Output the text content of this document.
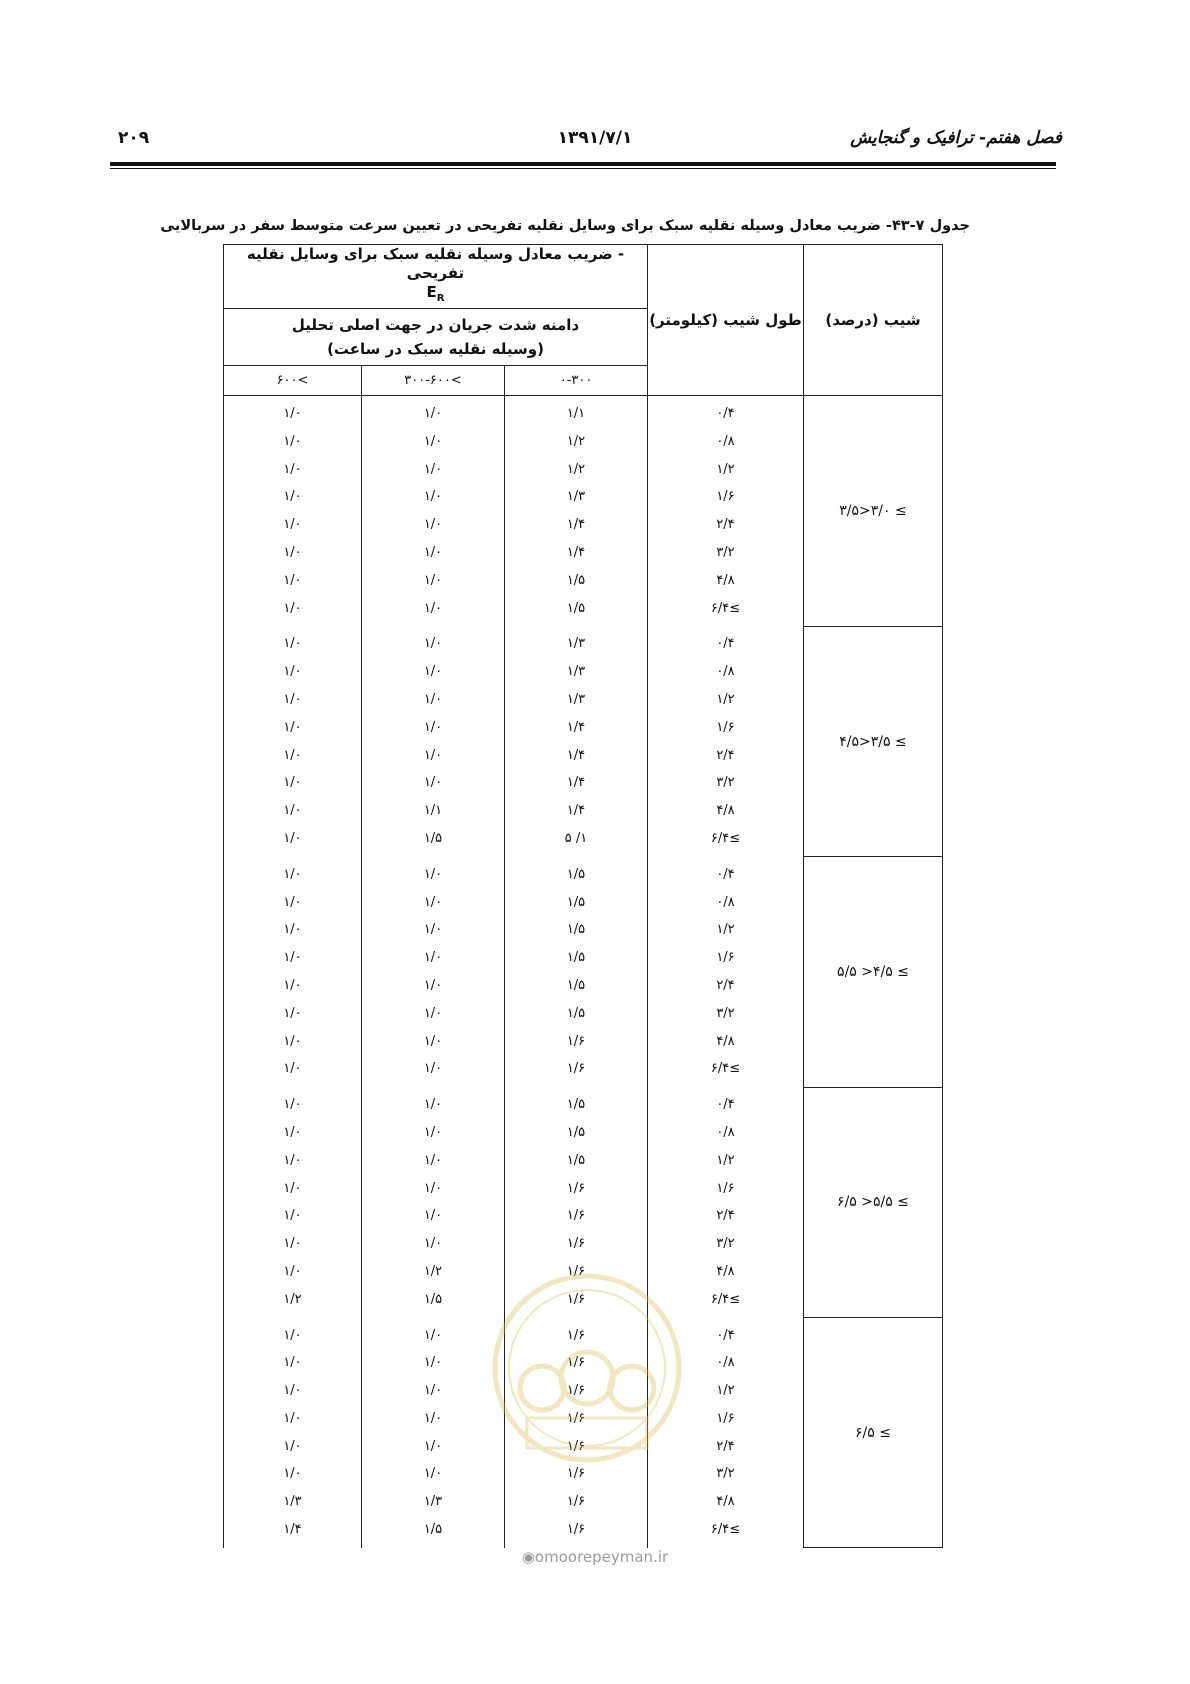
فصل هفتم- ترافیک و گنجایش
۱۳۹۱/۷/۱
۲۰۹
جدول ۷-۴۳- ضریب معادل وسیله نقلیه سبک برای وسایل نقلیه تفریحی در تعیین سرعت متوسط سفر در سربالایی
شیب (درصد)	طول شیب (کیلومتر)	- ضریب معادل وسیله نقلیه سبک برای وسایل نقلیه تفریحی
$E_R$

		دامنه شدت جریان در جهت اصلی تحلیل
(وسیله نقلیه سبک در ساعت)		

		۰-۳۰۰	>۳۰۰-۶۰۰	>۶۰۰
≥ ۳/۰<۳/۵	۰/۴	۱/۱	۱/۰	۱/۰
	۰/۸	۱/۲	۱/۰	۱/۰
	۱/۲	۱/۲	۱/۰	۱/۰
	۱/۶	۱/۳	۱/۰	۱/۰
	۲/۴	۱/۴	۱/۰	۱/۰
	۳/۲	۱/۴	۱/۰	۱/۰
	۴/۸	۱/۵	۱/۰	۱/۰
	≥۶/۴	۱/۵	۱/۰	۱/۰
≥ ۳/۵<۴/۵	۰/۴	۱/۳	۱/۰	۱/۰
	۰/۸	۱/۳	۱/۰	۱/۰
	۱/۲	۱/۳	۱/۰	۱/۰
	۱/۶	۱/۴	۱/۰	۱/۰
	۲/۴	۱/۴	۱/۰	۱/۰
	۳/۲	۱/۴	۱/۰	۱/۰
	۴/۸	۱/۴	۱/۱	۱/۰
	≥۶/۴	۱/ ۵	۱/۵	۱/۰
≥ ۴/۵< ۵/۵	۰/۴	۱/۵	۱/۰	۱/۰
	۰/۸	۱/۵	۱/۰	۱/۰
	۱/۲	۱/۵	۱/۰	۱/۰
	۱/۶	۱/۵	۱/۰	۱/۰
	۲/۴	۱/۵	۱/۰	۱/۰
	۳/۲	۱/۵	۱/۰	۱/۰
	۴/۸	۱/۶	۱/۰	۱/۰
	≥۶/۴	۱/۶	۱/۰	۱/۰
≥ ۵/۵< ۶/۵	۰/۴	۱/۵	۱/۰	۱/۰
	۰/۸	۱/۵	۱/۰	۱/۰
	۱/۲	۱/۵	۱/۰	۱/۰
	۱/۶	۱/۶	۱/۰	۱/۰
	۲/۴	۱/۶	۱/۰	۱/۰
	۳/۲	۱/۶	۱/۰	۱/۰
	۴/۸	۱/۶	۱/۲	۱/۰
	≥۶/۴	۱/۶	۱/۵	۱/۲
≥ ۶/۵	۰/۴	۱/۶	۱/۰	۱/۰
	۰/۸	۱/۶	۱/۰	۱/۰
	۱/۲	۱/۶	۱/۰	۱/۰
	۱/۶	۱/۶	۱/۰	۱/۰
	۲/۴	۱/۶	۱/۰	۱/۰
	۳/۲	۱/۶	۱/۰	۱/۰
	۴/۸	۱/۶	۱/۳	۱/۳
	≥۶/۴	۱/۶	۱/۵	۱/۴
◉omoorepeyman.ir
